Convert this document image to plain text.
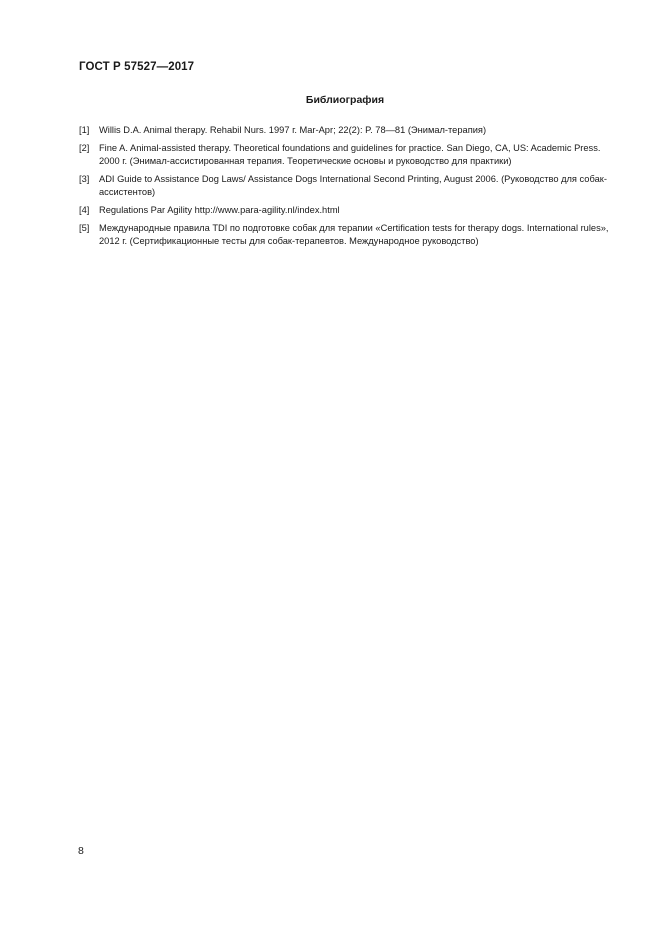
ГОСТ Р 57527—2017
Библиография
[1] Willis D.A. Animal therapy. Rehabil Nurs. 1997 г. Mar-Apr; 22(2): P. 78—81 (Энимал-терапия)
[2] Fine A. Animal-assisted therapy. Theoretical foundations and guidelines for practice. San Diego, CA, US: Academic Press. 2000 г. (Энимал-ассистированная терапия. Теоретические основы и руководство для практики)
[3] ADI Guide to Assistance Dog Laws/ Assistance Dogs International Second Printing, August 2006. (Руководство для собак-ассистентов)
[4] Regulations Par Agility http://www.para-agility.nl/index.html
[5] Международные правила TDI по подготовке собак для терапии «Certification tests for therapy dogs. International rules», 2012 г. (Сертификационные тесты для собак-терапевтов. Международное руководство)
8
